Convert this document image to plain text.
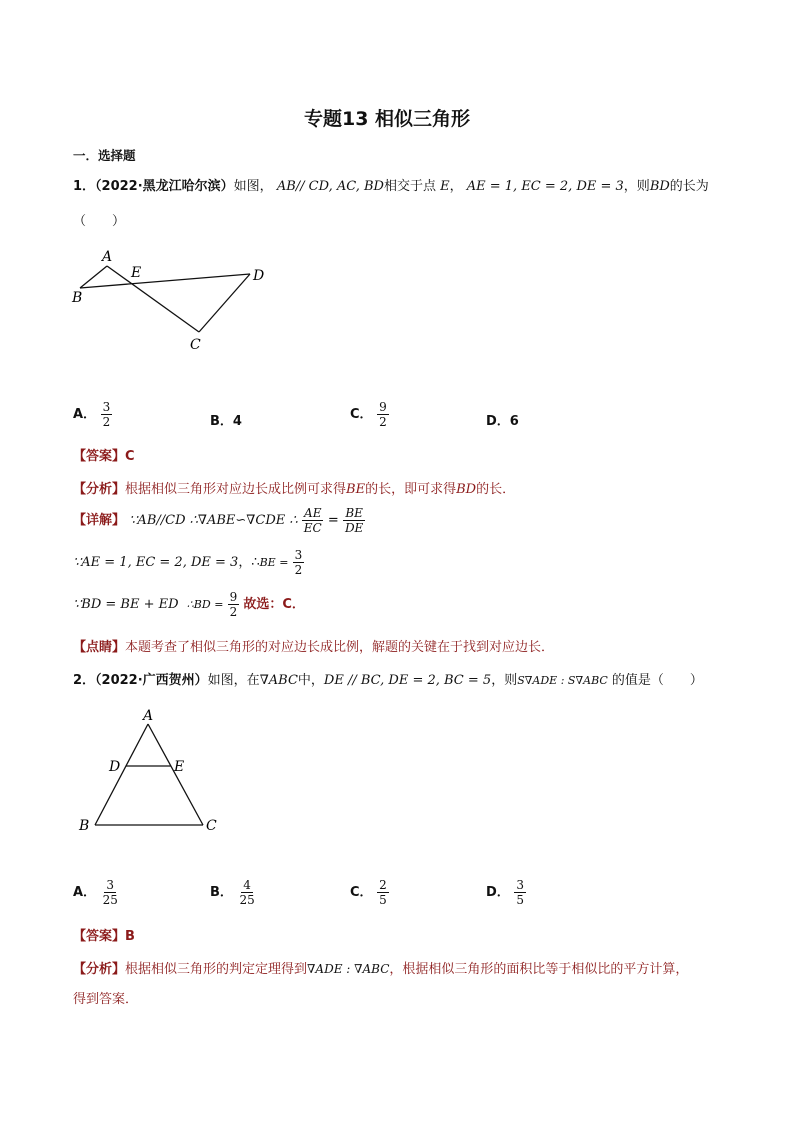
专题13 相似三角形
一．选择题
1．（2022·黑龙江哈尔滨）如图， AB// CD, AC, BD相交于点 E， AE = 1, EC = 2, DE = 3，则BD的长为
（　　）
A
B
C
D
E
A． $\frac{3}{2}$	B．4	C． $\frac{9}{2}$	D．6
【答案】C
【分析】根据相似三角形对应边长成比例可求得BE的长，即可求得BD的长．
【详解】 ∵AB//CD ∴∇ABE∽∇CDE ∴ $\frac{AE}{EC} = \frac{BE}{DE}$
∵AE = 1, EC = 2, DE = 3，∴BE = $\frac{3}{2}$
∵BD = BE + ED ∴BD = $\frac{9}{2}$ 故选：C．
【点睛】本题考查了相似三角形的对应边长成比例，解题的关键在于找到对应边长．
2．（2022·广西贺州）如图，在∇ABC中，DE // BC, DE = 2, BC = 5，则S∇ADE : S∇ABC 的值是（　　）
A
B	C
D	E
A． $\frac{3}{25}$	B． $\frac{4}{25}$	C． $\frac{2}{5}$	D． $\frac{3}{5}$
【答案】B
【分析】根据相似三角形的判定定理得到∇ADE : ∇ABC，根据相似三角形的面积比等于相似比的平方计算，
得到答案．
